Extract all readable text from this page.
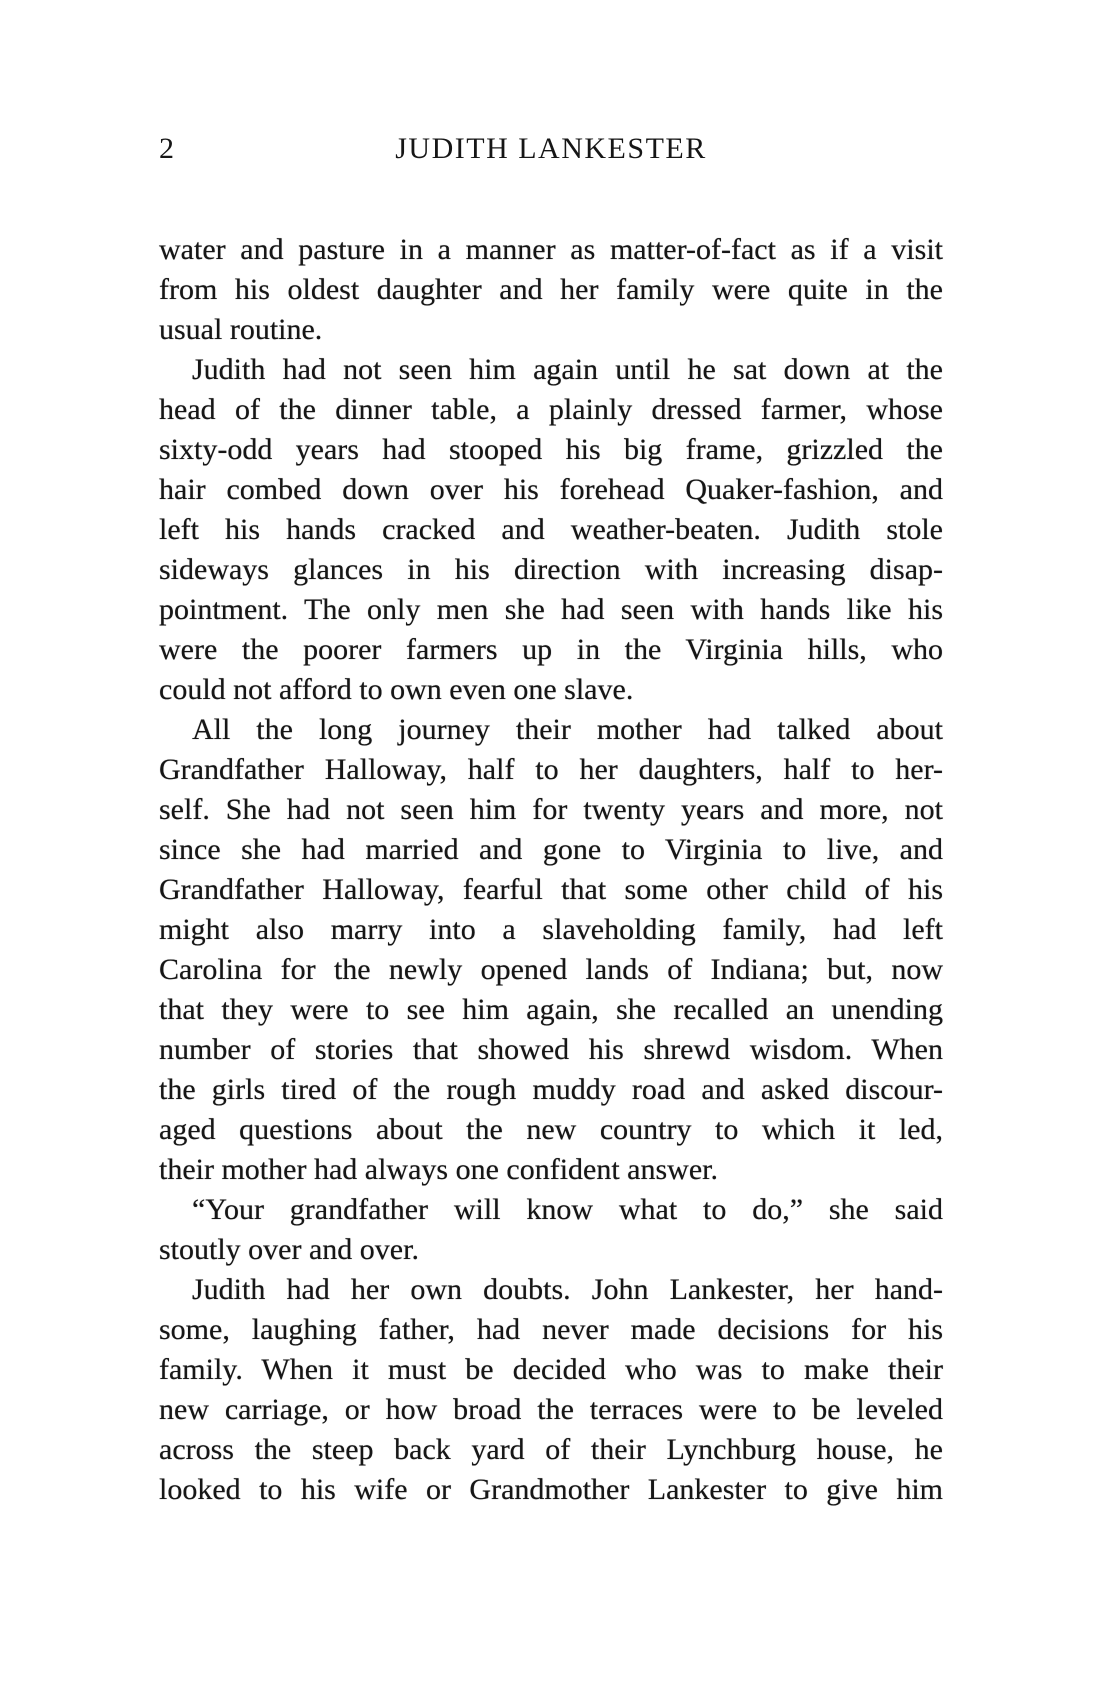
2	JUDITH LANKESTER
water and pasture in a manner as matter-of-fact as if a visit
from his oldest daughter and her family were quite in the
usual routine.
Judith had not seen him again until he sat down at the
head of the dinner table, a plainly dressed farmer, whose
sixty-odd years had stooped his big frame, grizzled the
hair combed down over his forehead Quaker-fashion, and
left his hands cracked and weather-beaten. Judith stole
sideways glances in his direction with increasing disap-
pointment. The only men she had seen with hands like his
were the poorer farmers up in the Virginia hills, who
could not afford to own even one slave.
All the long journey their mother had talked about
Grandfather Halloway, half to her daughters, half to her-
self. She had not seen him for twenty years and more, not
since she had married and gone to Virginia to live, and
Grandfather Halloway, fearful that some other child of his
might also marry into a slaveholding family, had left
Carolina for the newly opened lands of Indiana; but, now
that they were to see him again, she recalled an unending
number of stories that showed his shrewd wisdom. When
the girls tired of the rough muddy road and asked discour-
aged questions about the new country to which it led,
their mother had always one confident answer.
“Your grandfather will know what to do,” she said
stoutly over and over.
Judith had her own doubts. John Lankester, her hand-
some, laughing father, had never made decisions for his
family. When it must be decided who was to make their
new carriage, or how broad the terraces were to be leveled
across the steep back yard of their Lynchburg house, he
looked to his wife or Grandmother Lankester to give him
